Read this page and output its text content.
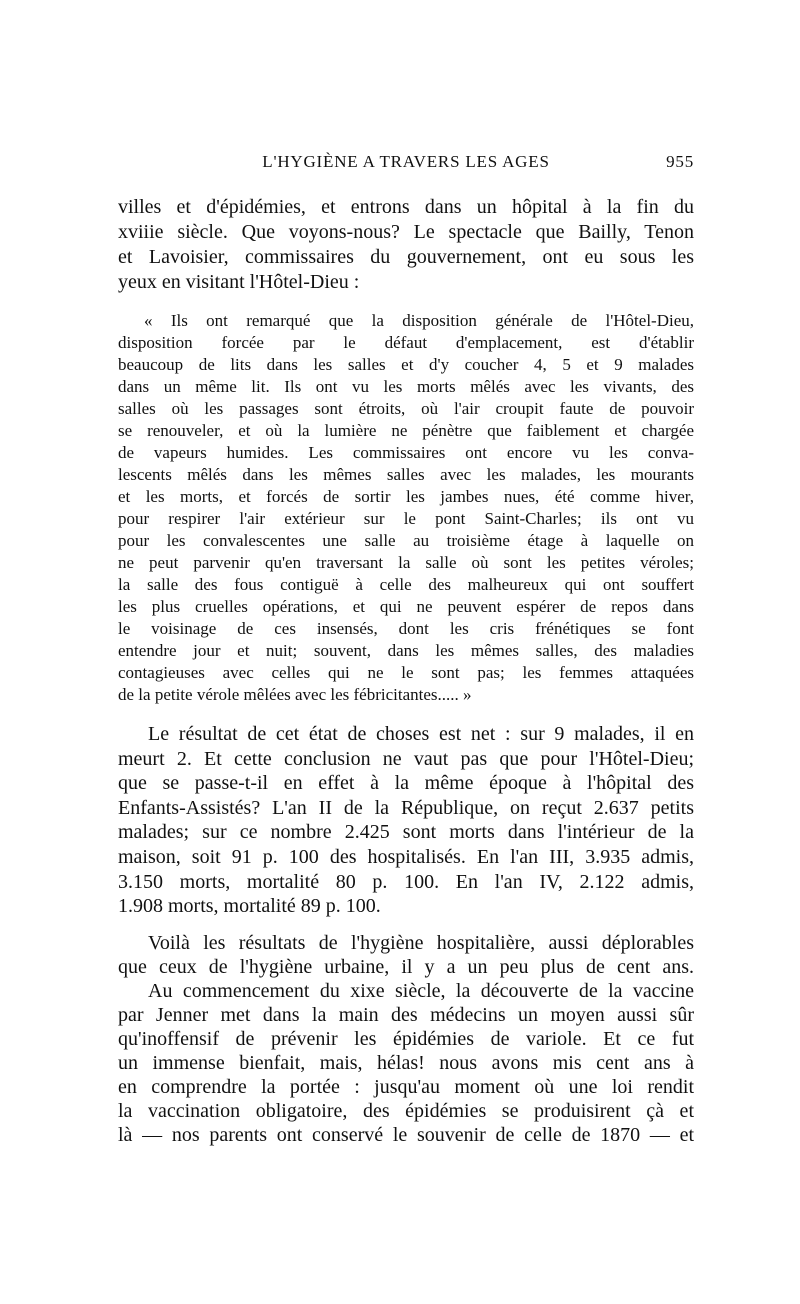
L'HYGIÈNE A TRAVERS LES AGES	955
villes et d'épidémies, et entrons dans un hôpital à la fin du
xviiie siècle. Que voyons-nous? Le spectacle que Bailly, Tenon
et Lavoisier, commissaires du gouvernement, ont eu sous les
yeux en visitant l'Hôtel-Dieu :
« Ils ont remarqué que la disposition générale de l'Hôtel-Dieu,
disposition forcée par le défaut d'emplacement, est d'établir
beaucoup de lits dans les salles et d'y coucher 4, 5 et 9 malades
dans un même lit. Ils ont vu les morts mêlés avec les vivants, des
salles où les passages sont étroits, où l'air croupit faute de pouvoir
se renouveler, et où la lumière ne pénètre que faiblement et chargée
de vapeurs humides. Les commissaires ont encore vu les conva-
lescents mêlés dans les mêmes salles avec les malades, les mourants
et les morts, et forcés de sortir les jambes nues, été comme hiver,
pour respirer l'air extérieur sur le pont Saint-Charles; ils ont vu
pour les convalescentes une salle au troisième étage à laquelle on
ne peut parvenir qu'en traversant la salle où sont les petites véroles;
la salle des fous contiguë à celle des malheureux qui ont souffert
les plus cruelles opérations, et qui ne peuvent espérer de repos dans
le voisinage de ces insensés, dont les cris frénétiques se font
entendre jour et nuit; souvent, dans les mêmes salles, des maladies
contagieuses avec celles qui ne le sont pas; les femmes attaquées
de la petite vérole mêlées avec les fébricitantes..... »
Le résultat de cet état de choses est net : sur 9 malades, il en
meurt 2. Et cette conclusion ne vaut pas que pour l'Hôtel-Dieu;
que se passe-t-il en effet à la même époque à l'hôpital des
Enfants-Assistés? L'an II de la République, on reçut 2.637 petits
malades; sur ce nombre 2.425 sont morts dans l'intérieur de la
maison, soit 91 p. 100 des hospitalisés. En l'an III, 3.935 admis,
3.150 morts, mortalité 80 p. 100. En l'an IV, 2.122 admis,
1.908 morts, mortalité 89 p. 100.
Voilà les résultats de l'hygiène hospitalière, aussi déplorables
que ceux de l'hygiène urbaine, il y a un peu plus de cent ans.
Au commencement du xixe siècle, la découverte de la vaccine
par Jenner met dans la main des médecins un moyen aussi sûr
qu'inoffensif de prévenir les épidémies de variole. Et ce fut
un immense bienfait, mais, hélas! nous avons mis cent ans à
en comprendre la portée : jusqu'au moment où une loi rendit
la vaccination obligatoire, des épidémies se produisirent çà et
là — nos parents ont conservé le souvenir de celle de 1870 — et
